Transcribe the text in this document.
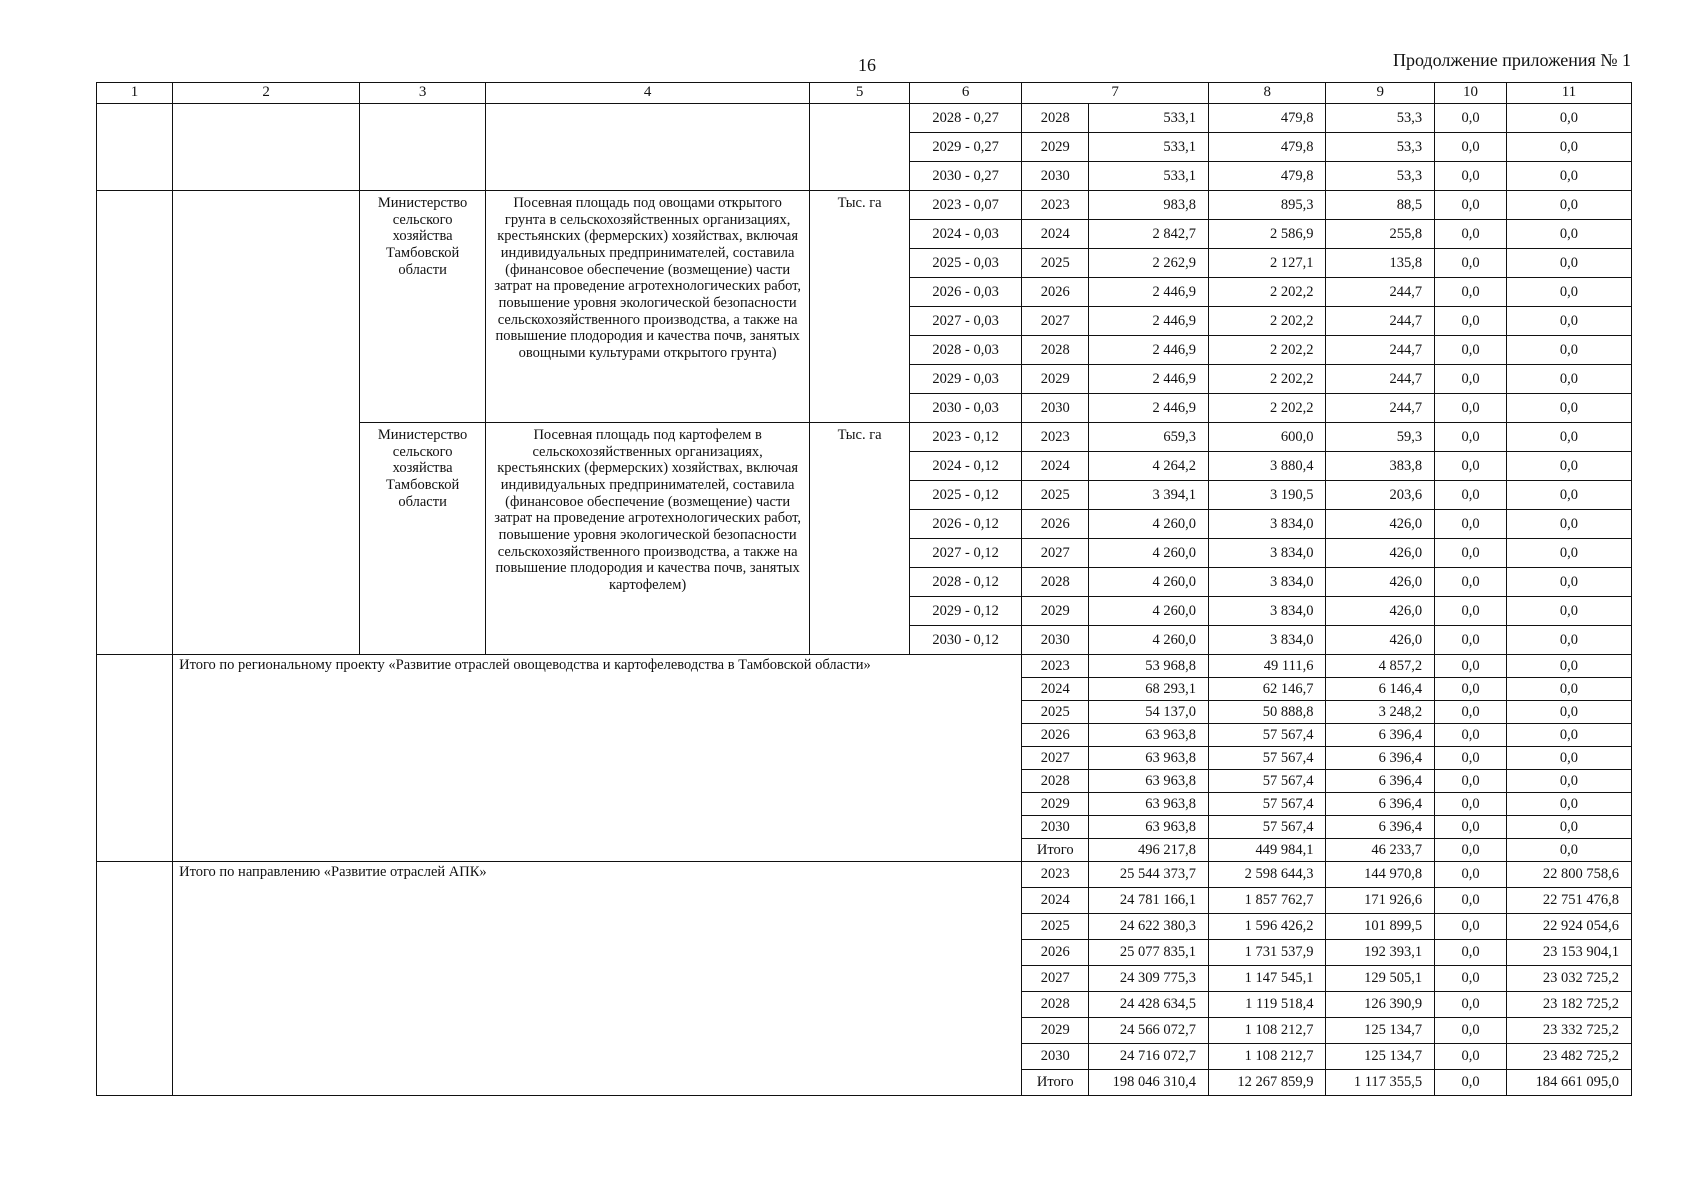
16	Продолжение приложения № 1
1	2	3	4	5	6	7		8	9	10	11
					2028 - 0,27	2028	533,1	479,8	53,3	0,0	0,0
					2029 - 0,27	2029	533,1	479,8	53,3	0,0	0,0
					2030 - 0,27	2030	533,1	479,8	53,3	0,0	0,0
		Министерство сельского хозяйства Тамбовской области	Посевная площадь под овощами открытого грунта в сельскохозяйственных организациях, крестьянских (фермерских) хозяйствах, включая индивидуальных предпринимателей, составила (финансовое обеспечение (возмещение) части затрат на проведение агротехнологических работ, повышение уровня экологической безопасности сельскохозяйственного производства, а также на повышение плодородия и качества почв, занятых овощными культурами открытого грунта)	Тыс. га	2023 - 0,07	2023	983,8	895,3	88,5	0,0	0,0
					2024 - 0,03	2024	2 842,7	2 586,9	255,8	0,0	0,0
					2025 - 0,03	2025	2 262,9	2 127,1	135,8	0,0	0,0
					2026 - 0,03	2026	2 446,9	2 202,2	244,7	0,0	0,0
					2027 - 0,03	2027	2 446,9	2 202,2	244,7	0,0	0,0
					2028 - 0,03	2028	2 446,9	2 202,2	244,7	0,0	0,0
					2029 - 0,03	2029	2 446,9	2 202,2	244,7	0,0	0,0
					2030 - 0,03	2030	2 446,9	2 202,2	244,7	0,0	0,0
		Министерство сельского хозяйства Тамбовской области	Посевная площадь под картофелем в сельскохозяйственных организациях, крестьянских (фермерских) хозяйствах, включая индивидуальных предпринимателей, составила (финансовое обеспечение (возмещение) части затрат на проведение агротехнологических работ, повышение уровня экологической безопасности сельскохозяйственного производства, а также на повышение плодородия и качества почв, занятых картофелем)	Тыс. га	2023 - 0,12	2023	659,3	600,0	59,3	0,0	0,0
					2024 - 0,12	2024	4 264,2	3 880,4	383,8	0,0	0,0
					2025 - 0,12	2025	3 394,1	3 190,5	203,6	0,0	0,0
					2026 - 0,12	2026	4 260,0	3 834,0	426,0	0,0	0,0
					2027 - 0,12	2027	4 260,0	3 834,0	426,0	0,0	0,0
					2028 - 0,12	2028	4 260,0	3 834,0	426,0	0,0	0,0
					2029 - 0,12	2029	4 260,0	3 834,0	426,0	0,0	0,0
					2030 - 0,12	2030	4 260,0	3 834,0	426,0	0,0	0,0
	Итого по региональному проекту «Развитие отраслей овощеводства и картофелеводства в Тамбовской области»					2023	53 968,8	49 111,6	4 857,2	0,0	0,0
						2024	68 293,1	62 146,7	6 146,4	0,0	0,0
						2025	54 137,0	50 888,8	3 248,2	0,0	0,0
						2026	63 963,8	57 567,4	6 396,4	0,0	0,0
						2027	63 963,8	57 567,4	6 396,4	0,0	0,0
						2028	63 963,8	57 567,4	6 396,4	0,0	0,0
						2029	63 963,8	57 567,4	6 396,4	0,0	0,0
						2030	63 963,8	57 567,4	6 396,4	0,0	0,0
						Итого	496 217,8	449 984,1	46 233,7	0,0	0,0
	Итого по направлению «Развитие отраслей АПК»					2023	25 544 373,7	2 598 644,3	144 970,8	0,0	22 800 758,6
						2024	24 781 166,1	1 857 762,7	171 926,6	0,0	22 751 476,8
						2025	24 622 380,3	1 596 426,2	101 899,5	0,0	22 924 054,6
						2026	25 077 835,1	1 731 537,9	192 393,1	0,0	23 153 904,1
						2027	24 309 775,3	1 147 545,1	129 505,1	0,0	23 032 725,2
						2028	24 428 634,5	1 119 518,4	126 390,9	0,0	23 182 725,2
						2029	24 566 072,7	1 108 212,7	125 134,7	0,0	23 332 725,2
						2030	24 716 072,7	1 108 212,7	125 134,7	0,0	23 482 725,2
						Итого	198 046 310,4	12 267 859,9	1 117 355,5	0,0	184 661 095,0
